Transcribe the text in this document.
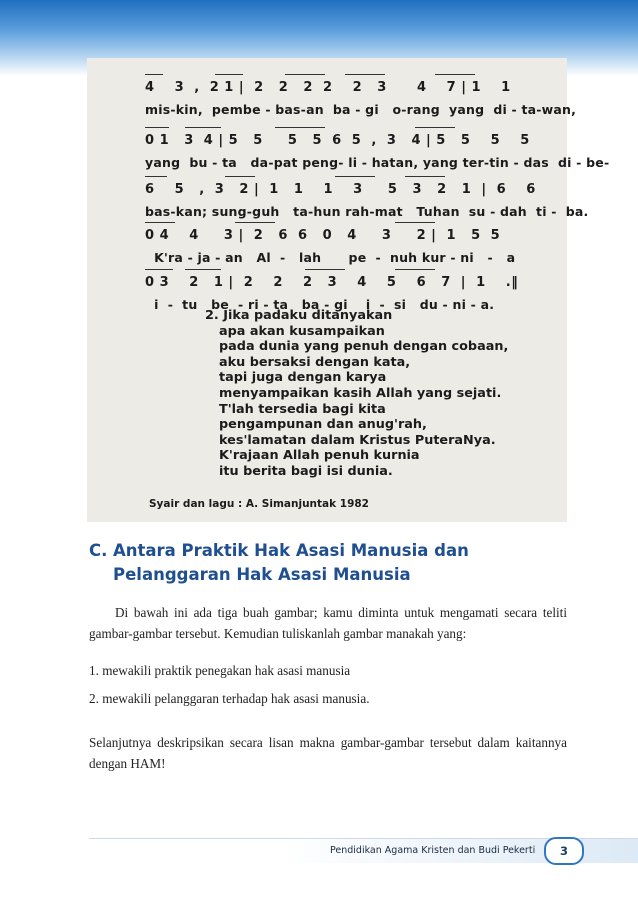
4    3  ,  2 1 |  2   2   2  2    2   3      4    7 | 1    1
mis-kin,  pembe - bas-an  ba - gi   o-rang  yang  di - ta-wan,
0 1   3  4 | 5   5     5   5  6  5  ,  3   4 | 5   5    5    5
yang  bu - ta   da-pat peng- li - hatan, yang ter-tin - das  di - be-
6    5   ,  3   2 |  1   1    1    3     5   3   2   1  |  6    6
bas-kan; sung-guh   ta-hun rah-mat   Tuhan  su - dah  ti -  ba.
0 4    4     3 |  2   6  6   0   4     3     2 |  1   5  5
K'ra - ja - an   Al  -   lah      pe  -  nuh kur - ni   -   a
0 3    2   1 |  2    2    2   3    4    5    6   7  |  1    .‖
i  -  tu   be  - ri - ta   ba - gi    i  -  si   du - ni - a.
2. Jika padaku ditanyakan
apa akan kusampaikan
pada dunia yang penuh dengan cobaan,
aku bersaksi dengan kata,
tapi juga dengan karya
menyampaikan kasih Allah yang sejati.
T'lah tersedia bagi kita
pengampunan dan anug'rah,
kes'lamatan dalam Kristus PuteraNya.
K'rajaan Allah penuh kurnia
itu berita bagi isi dunia.
Syair dan lagu : A. Simanjuntak 1982
C. Antara Praktik Hak Asasi Manusia dan Pelanggaran Hak Asasi Manusia
Di bawah ini ada tiga buah gambar; kamu diminta untuk mengamati secara teliti gambar-gambar tersebut. Kemudian tuliskanlah gambar manakah yang:
1. mewakili praktik penegakan hak asasi manusia
2. mewakili pelanggaran terhadap hak asasi manusia.
Selanjutnya deskripsikan secara lisan makna gambar-gambar tersebut dalam kaitannya dengan HAM!
Pendidikan Agama Kristen dan Budi Pekerti	3
